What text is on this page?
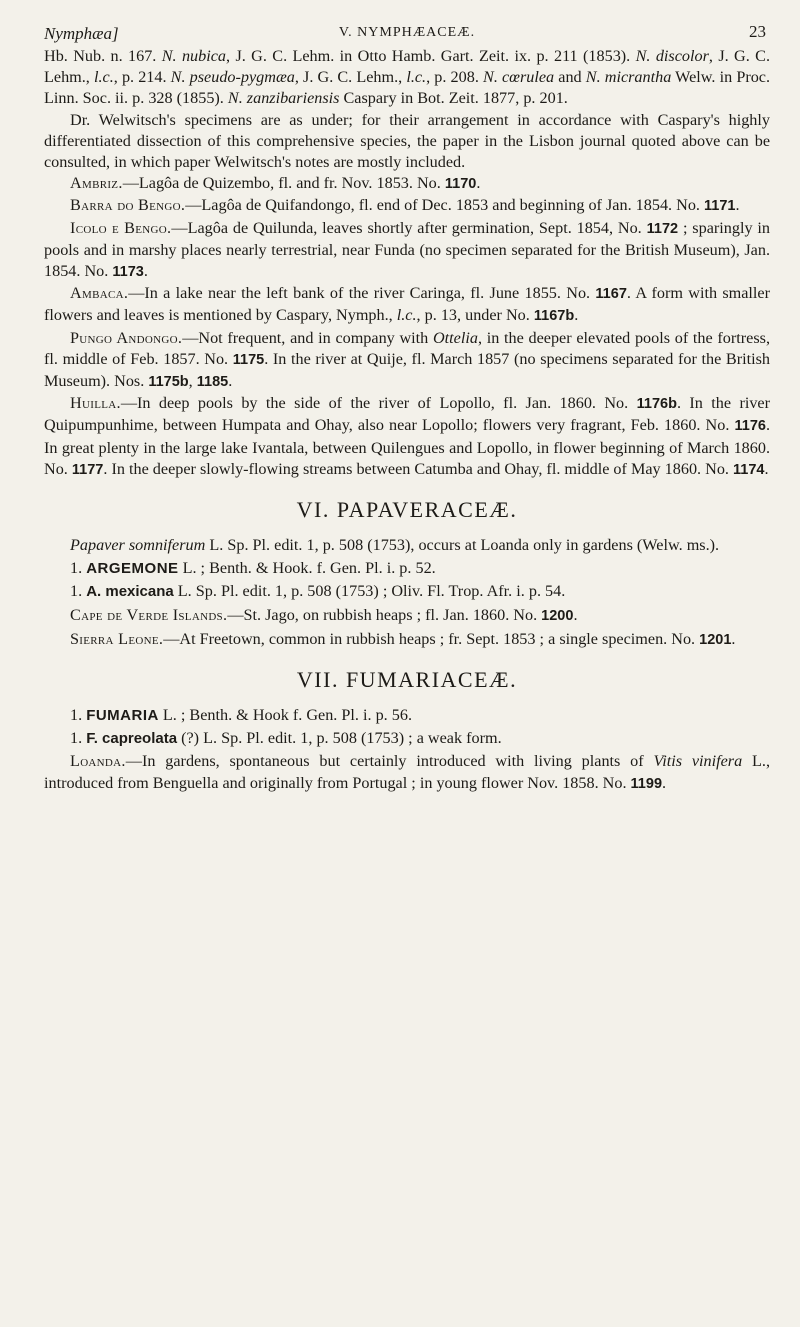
Nymphæa]	V. NYMPHÆACEÆ.	23

Hb. Nub. n. 167. N. nubica, J. G. C. Lehm. in Otto Hamb. Gart. Zeit. ix. p. 211 (1853). N. discolor, J. G. C. Lehm., l.c., p. 214. N. pseudo-pygmæa, J. G. C. Lehm., l.c., p. 208. N. cœrulea and N. micrantha Welw. in Proc. Linn. Soc. ii. p. 328 (1855). N. zanzibariensis Caspary in Bot. Zeit. 1877, p. 201.

Dr. Welwitsch's specimens are as under; for their arrangement in accordance with Caspary's highly differentiated dissection of this comprehensive species, the paper in the Lisbon journal quoted above can be consulted, in which paper Welwitsch's notes are mostly included.

Ambriz.—Lagôa de Quizembo, fl. and fr. Nov. 1853. No. 1170.

Barra do Bengo.—Lagôa de Quifandongo, fl. end of Dec. 1853 and beginning of Jan. 1854. No. 1171.

Icolo e Bengo.—Lagôa de Quilunda, leaves shortly after germination, Sept. 1854, No. 1172 ; sparingly in pools and in marshy places nearly terrestrial, near Funda (no specimen separated for the British Museum), Jan. 1854. No. 1173.

Ambaca.—In a lake near the left bank of the river Caringa, fl. June 1855. No. 1167. A form with smaller flowers and leaves is mentioned by Caspary, Nymph., l.c., p. 13, under No. 1167b.

Pungo Andongo.—Not frequent, and in company with Ottelia, in the deeper elevated pools of the fortress, fl. middle of Feb. 1857. No. 1175. In the river at Quije, fl. March 1857 (no specimens separated for the British Museum). Nos. 1175b, 1185.

Huilla.—In deep pools by the side of the river of Lopollo, fl. Jan. 1860. No. 1176b. In the river Quipumpunhime, between Humpata and Ohay, also near Lopollo; flowers very fragrant, Feb. 1860. No. 1176. In great plenty in the large lake Ivantala, between Quilengues and Lopollo, in flower beginning of March 1860. No. 1177. In the deeper slowly-flowing streams between Catumba and Ohay, fl. middle of May 1860. No. 1174.

VI. PAPAVERACEÆ.

Papaver somniferum L. Sp. Pl. edit. 1, p. 508 (1753), occurs at Loanda only in gardens (Welw. ms.).

1. ARGEMONE L. ; Benth. & Hook. f. Gen. Pl. i. p. 52.

1. A. mexicana L. Sp. Pl. edit. 1, p. 508 (1753) ; Oliv. Fl. Trop. Afr. i. p. 54.

Cape de Verde Islands.—St. Jago, on rubbish heaps ; fl. Jan. 1860. No. 1200.

Sierra Leone.—At Freetown, common in rubbish heaps ; fr. Sept. 1853 ; a single specimen. No. 1201.

VII. FUMARIACEÆ.

1. FUMARIA L. ; Benth. & Hook f. Gen. Pl. i. p. 56.

1. F. capreolata (?) L. Sp. Pl. edit. 1, p. 508 (1753) ; a weak form.

Loanda.—In gardens, spontaneous but certainly introduced with living plants of Vitis vinifera L., introduced from Benguella and originally from Portugal ; in young flower Nov. 1858. No. 1199.
